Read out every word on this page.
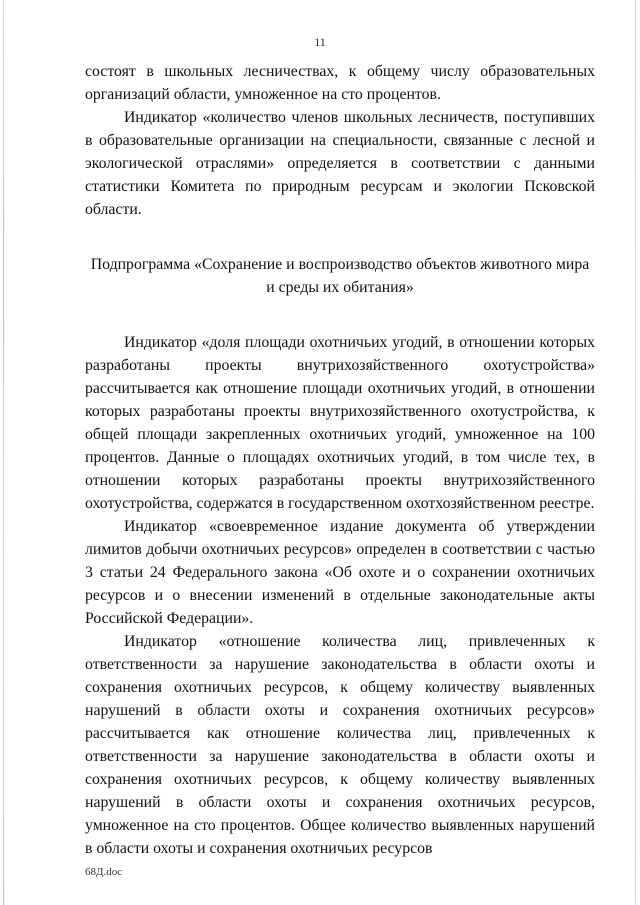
11

состоят в школьных лесничествах, к общему числу образовательных организаций области, умноженное на сто процентов.

Индикатор «количество членов школьных лесничеств, поступивших в образовательные организации на специальности, связанные с лесной и экологической отраслями» определяется в соответствии с данными статистики Комитета по природным ресурсам и экологии Псковской области.

Подпрограмма «Сохранение и воспроизводство объектов животного мира
и среды их обитания»

Индикатор «доля площади охотничьих угодий, в отношении которых разработаны проекты внутрихозяйственного охотустройства» рассчитывается как отношение площади охотничьих угодий, в отношении которых разработаны проекты внутрихозяйственного охотустройства, к общей площади закрепленных охотничьих угодий, умноженное на 100 процентов. Данные о площадях охотничьих угодий, в том числе тех, в отношении которых разработаны проекты внутрихозяйственного охотустройства, содержатся в государственном охотхозяйственном реестре.

Индикатор «своевременное издание документа об утверждении лимитов добычи охотничьих ресурсов» определен в соответствии с частью 3 статьи 24 Федерального закона «Об охоте и о сохранении охотничьих ресурсов и о внесении изменений в отдельные законодательные акты Российской Федерации».

Индикатор «отношение количества лиц, привлеченных к ответственности за нарушение законодательства в области охоты и сохранения охотничьих ресурсов, к общему количеству выявленных нарушений в области охоты и сохранения охотничьих ресурсов» рассчитывается как отношение количества лиц, привлеченных к ответственности за нарушение законодательства в области охоты и сохранения охотничьих ресурсов, к общему количеству выявленных нарушений в области охоты и сохранения охотничьих ресурсов, умноженное на сто процентов. Общее количество выявленных нарушений в области охоты и сохранения охотничьих ресурсов

68Д.doc
